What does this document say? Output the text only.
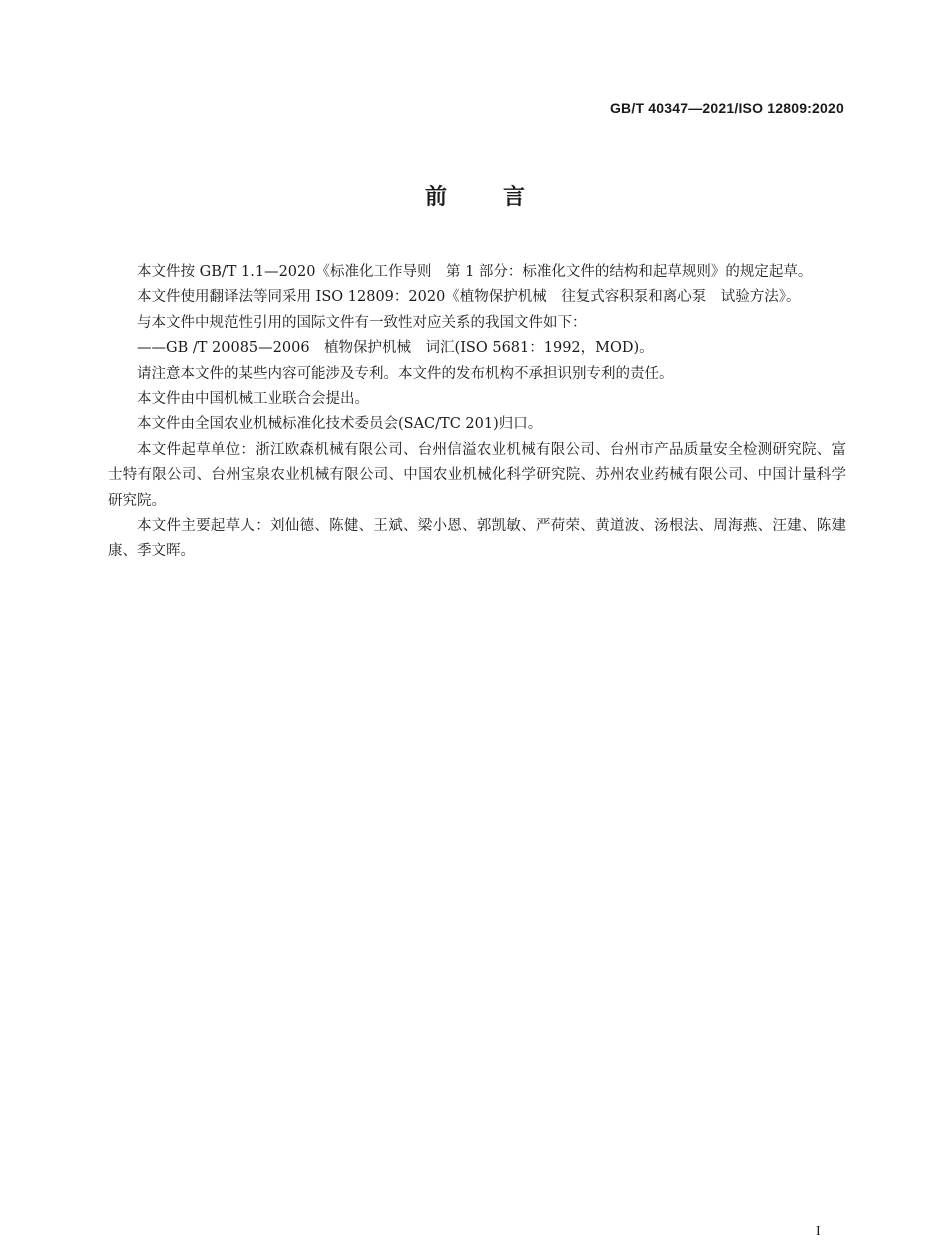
GB/T 40347—2021/ISO 12809:2020
前言

本文件按 GB/T 1.1—2020《标准化工作导则　第 1 部分：标准化文件的结构和起草规则》的规定起草。

本文件使用翻译法等同采用 ISO 12809：2020《植物保护机械　往复式容积泵和离心泵　试验方法》。

与本文件中规范性引用的国际文件有一致性对应关系的我国文件如下：

——GB /T 20085—2006　植物保护机械　词汇(ISO 5681：1992，MOD)。

请注意本文件的某些内容可能涉及专利。本文件的发布机构不承担识别专利的责任。

本文件由中国机械工业联合会提出。

本文件由全国农业机械标准化技术委员会(SAC/TC 201)归口。

本文件起草单位：浙江欧森机械有限公司、台州信溢农业机械有限公司、台州市产品质量安全检测研究院、富士特有限公司、台州宝泉农业机械有限公司、中国农业机械化科学研究院、苏州农业药械有限公司、中国计量科学研究院。

本文件主要起草人：刘仙德、陈健、王斌、梁小恩、郭凯敏、严荷荣、黄道波、汤根法、周海燕、汪建、陈建康、季文晖。

I
